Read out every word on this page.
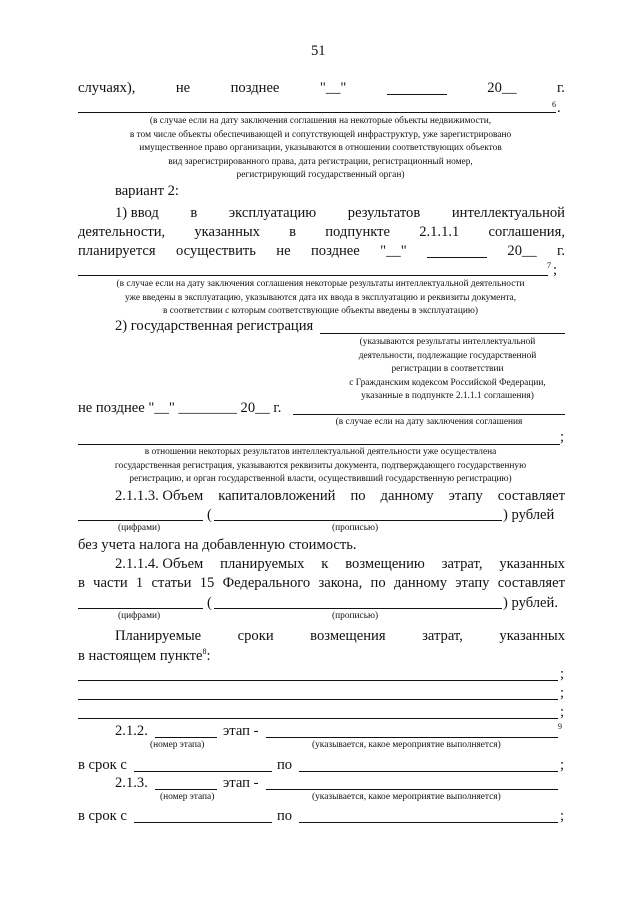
51
случаях),	не	позднее	"__"	20__	г.
6 .
(в случае если на дату заключения соглашения на некоторые объекты недвижимости,
в том числе объекты обеспечивающей и сопутствующей инфраструктур, уже зарегистрировано
имущественное право организации, указываются в отношении соответствующих объектов
вид зарегистрированного права, дата регистрации, регистрационный номер,
регистрирующий государственный орган)
вариант 2:
1) ввод в эксплуатацию результатов интеллектуальной
деятельности, указанных в подпункте 2.1.1.1 соглашения,
планируется осуществить не позднее "__"	20__ г.
7 ;
(в случае если на дату заключения соглашения некоторые результаты интеллектуальной деятельности
уже введены в эксплуатацию, указываются дата их ввода в эксплуатацию и реквизиты документа,
в соответствии с которым соответствующие объекты введены в эксплуатацию)
2) государственная регистрация
(указываются результаты интеллектуальной
деятельности, подлежащие государственной
регистрации в соответствии
с Гражданским кодексом Российской Федерации,
указанные в подпункте 2.1.1.1 соглашения)
не позднее "__" ________ 20__ г.
(в случае если на дату заключения соглашения
;
в отношении некоторых результатов интеллектуальной деятельности уже осуществлена
государственная регистрация, указываются реквизиты документа, подтверждающего государственную
регистрацию, и орган государственной власти, осуществивший государственную регистрацию)
2.1.1.3. Объем капиталовложений по данному этапу составляет
(	) рублей
(цифрами)	(прописью)
без учета налога на добавленную стоимость.
2.1.1.4. Объем планируемых к возмещению затрат, указанных
в части 1 статьи 15 Федерального закона, по данному этапу составляет
(	) рублей.
(цифрами)	(прописью)
Планируемые	сроки	возмещения	затрат,	указанных
в настоящем пункте$^8$:
;
;
;
2.1.2.	этап -	9
(номер этапа)	(указывается, какое мероприятие выполняется)
в срок с	по	;
2.1.3.	этап -
(номер этапа)	(указывается, какое мероприятие выполняется)
в срок с	по	;
